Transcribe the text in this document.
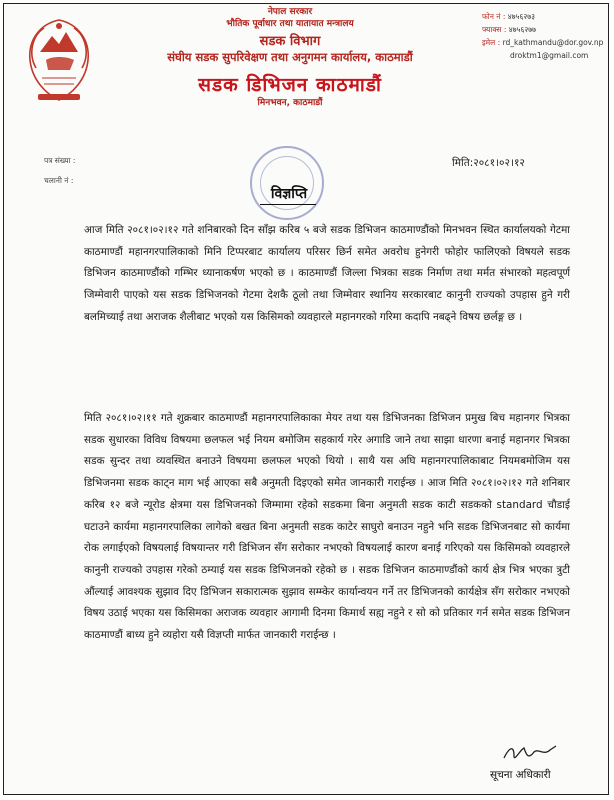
नेपाल सरकार
भौतिक पूर्वाधार तथा यातायात मन्त्रालय
सडक विभाग
संघीय सडक सुपरिवेक्षण तथा अनुगमन कार्यालय, काठमाडौं
सडक डिभिजन काठमाडौं
मिनभवन, काठमाडौं
फोन नं : ४७५६२७३
फ्याक्स : ४७५६२७७
इमेल : rd_kathmandu@dor.gov.np
droktm1@gmail.com
पत्र संख्या :
चलानी नं :
मिति:२०८१।०२।१२
विज्ञप्ति

आज मिति २०८१।०२।१२ गते शनिबारको दिन साँझ करिब ५ बजे सडक डिभिजन काठमाण्डौंको मिनभवन स्थित कार्यालयको गेटमा काठमाण्डौं महानगरपालिकाको मिनि टिप्परबाट कार्यालय परिसर छिर्न समेत अवरोध हुनेगरी फोहोर फालिएको विषयले सडक डिभिजन काठमाण्डौंको गम्भिर ध्यानाकर्षण भएको छ । काठमाण्डौं जिल्ला भित्रका सडक निर्माण तथा मर्मत संभारको महत्वपूर्ण जिम्मेवारी पाएको यस सडक डिभिजनको गेटमा देशकै ठूलो तथा जिम्मेवार स्थानिय सरकारबाट कानुनी राज्यको उपहास हुने गरी बलमिच्याई तथा अराजक शैलीबाट भएको यस किसिमको व्यवहारले महानगरको गरिमा कदापि नबढ्ने विषय छर्लङ्ग छ ।

मिति २०८१।०२।११ गते शुक्रबार काठमाण्डौं महानगरपालिकाका मेयर तथा यस डिभिजनका डिभिजन प्रमुख बिच महानगर भित्रका सडक सुधारका विविध विषयमा छलफल भई नियम बमोजिम सहकार्य गरेर अगाडि जाने तथा साझा धारणा बनाई महानगर भित्रका सडक सुन्दर तथा व्यवस्थित बनाउने विषयमा छलफल भएको थियो । साथै यस अघि महानगरपालिकाबाट नियमबमोजिम यस डिभिजनमा सडक काट्न माग भई आएका सबै अनुमती दिइएको समेत जानकारी गराईन्छ । आज मिति २०८१।०२।१२ गते शनिबार करिब १२ बजे न्यूरोड क्षेत्रमा यस डिभिजनको जिम्मामा रहेको सडकमा बिना अनुमती सडक काटी सडकको standard चौडाई घटाउने कार्यमा महानगरपालिका लागेको बखत बिना अनुमती सडक काटेर साघुरो बनाउन नहुने भनि सडक डिभिजनबाट सो कार्यमा रोक लगाईएको विषयलाई विषयान्तर गरी डिभिजन सँग सरोकार नभएको विषयलाई कारण बनाई गरिएको यस किसिमको व्यवहारले कानुनी राज्यको उपहास गरेको ठम्याई यस सडक डिभिजनको रहेको छ । सडक डिभिजन काठमाण्डौंको कार्य क्षेत्र भित्र भएका त्रुटी औंल्याई आवश्यक सुझाव दिए डिभिजन सकारात्मक सुझाव सम्म्केर कार्यान्वयन गर्ने तर डिभिजनको कार्यक्षेत्र सँग सरोकार नभएको विषय उठाई भएका यस किसिमका अराजक व्यवहार आगामी दिनमा किमार्थ सह्य नहुने र सो को प्रतिकार गर्न समेत सडक डिभिजन काठमाण्डौं बाध्य हुने व्यहोरा यसै विज्ञप्ती मार्फत जानकारी गराईन्छ ।

सूचना अधिकारी
